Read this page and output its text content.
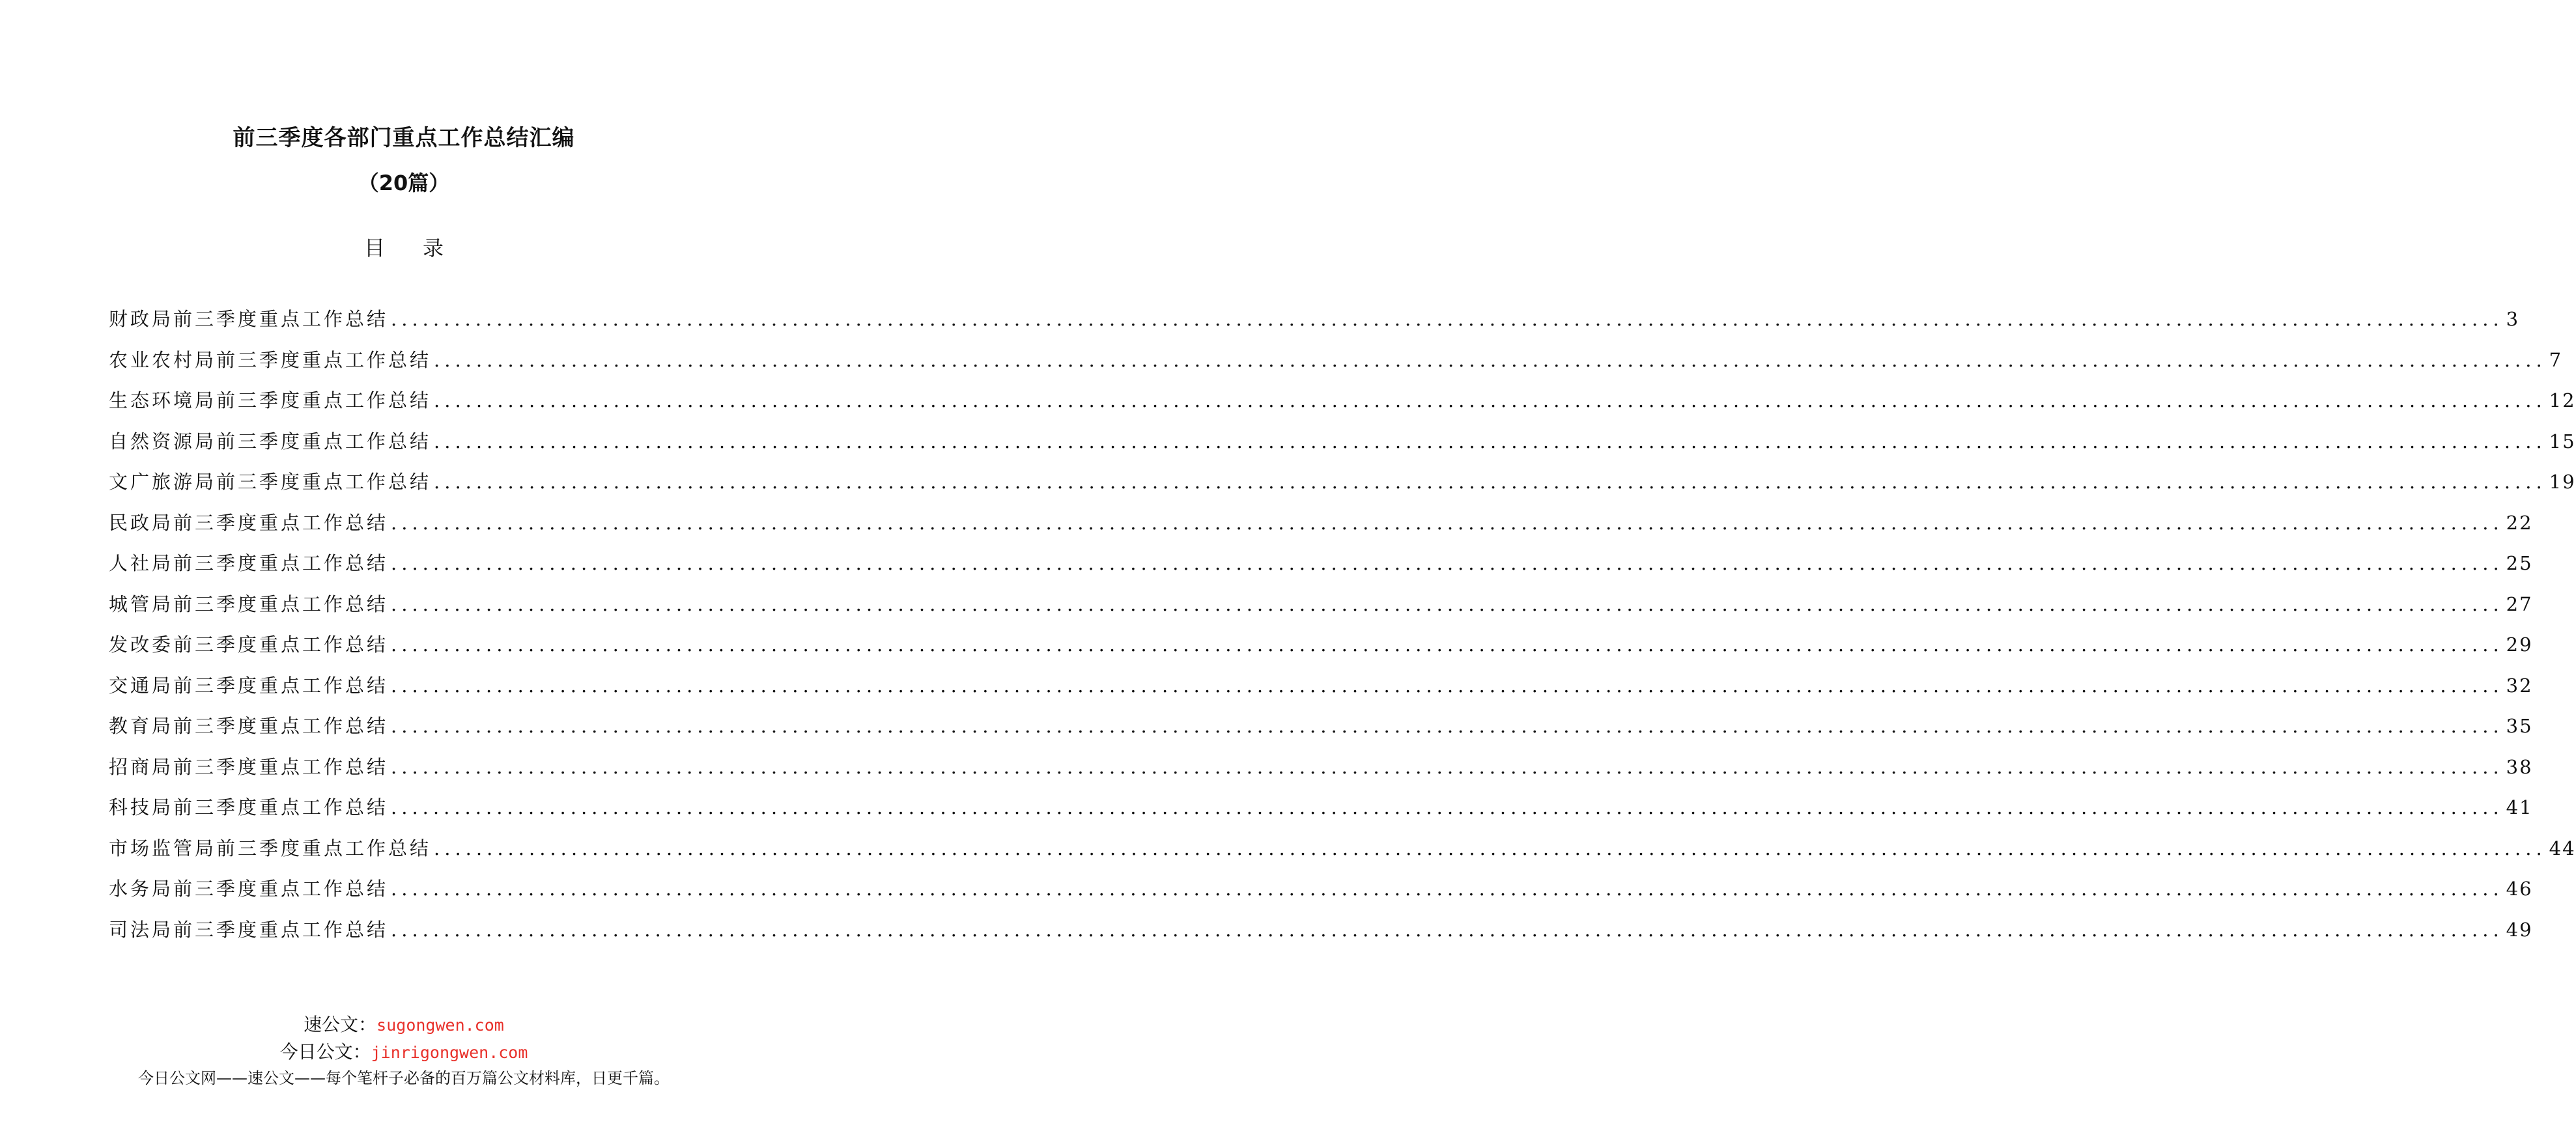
前三季度各部门重点工作总结汇编
（20篇）
目录
财政局前三季度重点工作总结 ........................................................................................................................................................................................................ 3
农业农村局前三季度重点工作总结 ........................................................................................................................................................................................................ 7
生态环境局前三季度重点工作总结 ........................................................................................................................................................................................................ 12
自然资源局前三季度重点工作总结 ........................................................................................................................................................................................................ 15
文广旅游局前三季度重点工作总结 ........................................................................................................................................................................................................ 19
民政局前三季度重点工作总结 ........................................................................................................................................................................................................ 22
人社局前三季度重点工作总结 ........................................................................................................................................................................................................ 25
城管局前三季度重点工作总结 ........................................................................................................................................................................................................ 27
发改委前三季度重点工作总结 ........................................................................................................................................................................................................ 29
交通局前三季度重点工作总结 ........................................................................................................................................................................................................ 32
教育局前三季度重点工作总结 ........................................................................................................................................................................................................ 35
招商局前三季度重点工作总结 ........................................................................................................................................................................................................ 38
科技局前三季度重点工作总结 ........................................................................................................................................................................................................ 41
市场监管局前三季度重点工作总结 ........................................................................................................................................................................................................ 44
水务局前三季度重点工作总结 ........................................................................................................................................................................................................ 46
司法局前三季度重点工作总结 ........................................................................................................................................................................................................ 49
速公文：sugongwen.com
今日公文：jinrigongwen.com
今日公文网——速公文——每个笔杆子必备的百万篇公文材料库，日更千篇。
